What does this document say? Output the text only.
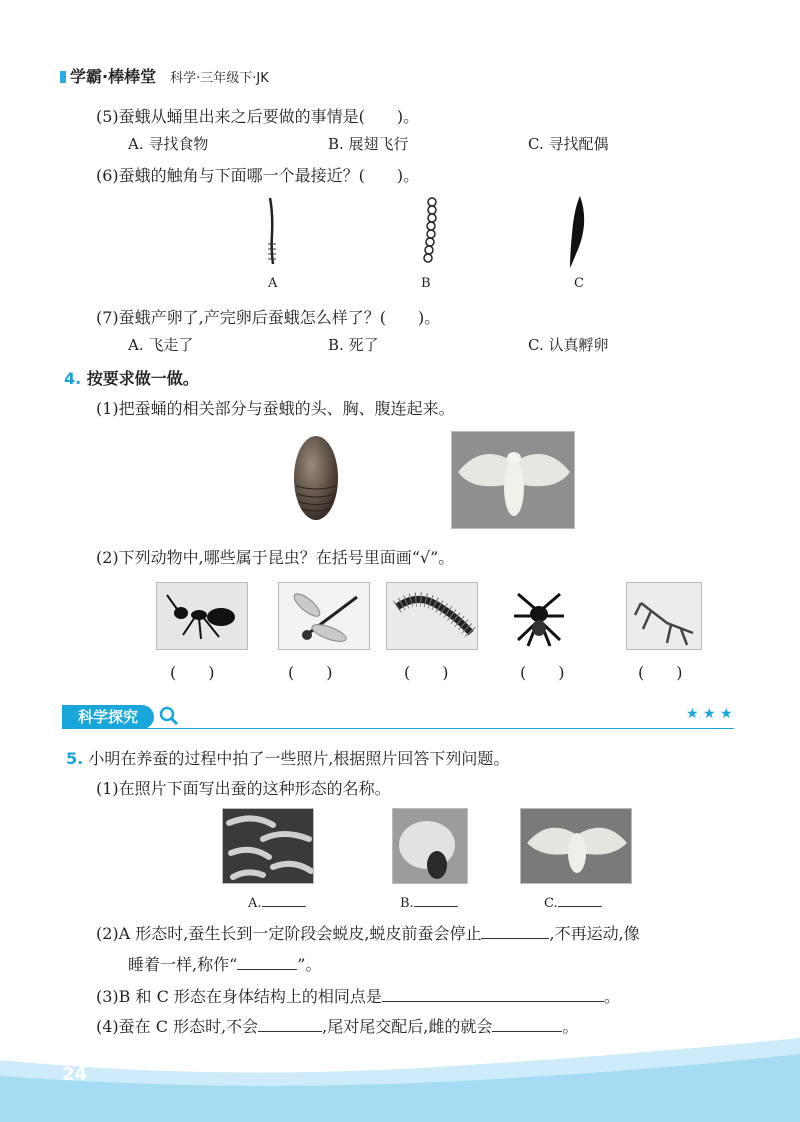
学霸·棒棒堂 科学·三年级下·JK
(5)蚕蛾从蛹里出来之后要做的事情是(　　)。
A. 寻找食物	B. 展翅飞行	C. 寻找配偶
(6)蚕蛾的触角与下面哪一个最接近？(　　)。
A	B	C
(7)蚕蛾产卵了,产完卵后蚕蛾怎么样了？(　　)。
A. 飞走了	B. 死了	C. 认真孵卵
4. 按要求做一做。
(1)把蚕蛹的相关部分与蚕蛾的头、胸、腹连起来。
(2)下列动物中,哪些属于昆虫？在括号里面画“√”。
(　　)	(　　)	(　　)	(　　)	(　　)
科学探究	★ ★ ★
5. 小明在养蚕的过程中拍了一些照片,根据照片回答下列问题。
(1)在照片下面写出蚕的这种形态的名称。
A.	B.	C.
(2)A 形态时,蚕生长到一定阶段会蜕皮,蜕皮前蚕会停止	,不再运动,像
睡着一样,称作“	”。
(3)B 和 C 形态在身体结构上的相同点是	。
(4)蚕在 C 形态时,不会	,尾对尾交配后,雌的就会	。
24
